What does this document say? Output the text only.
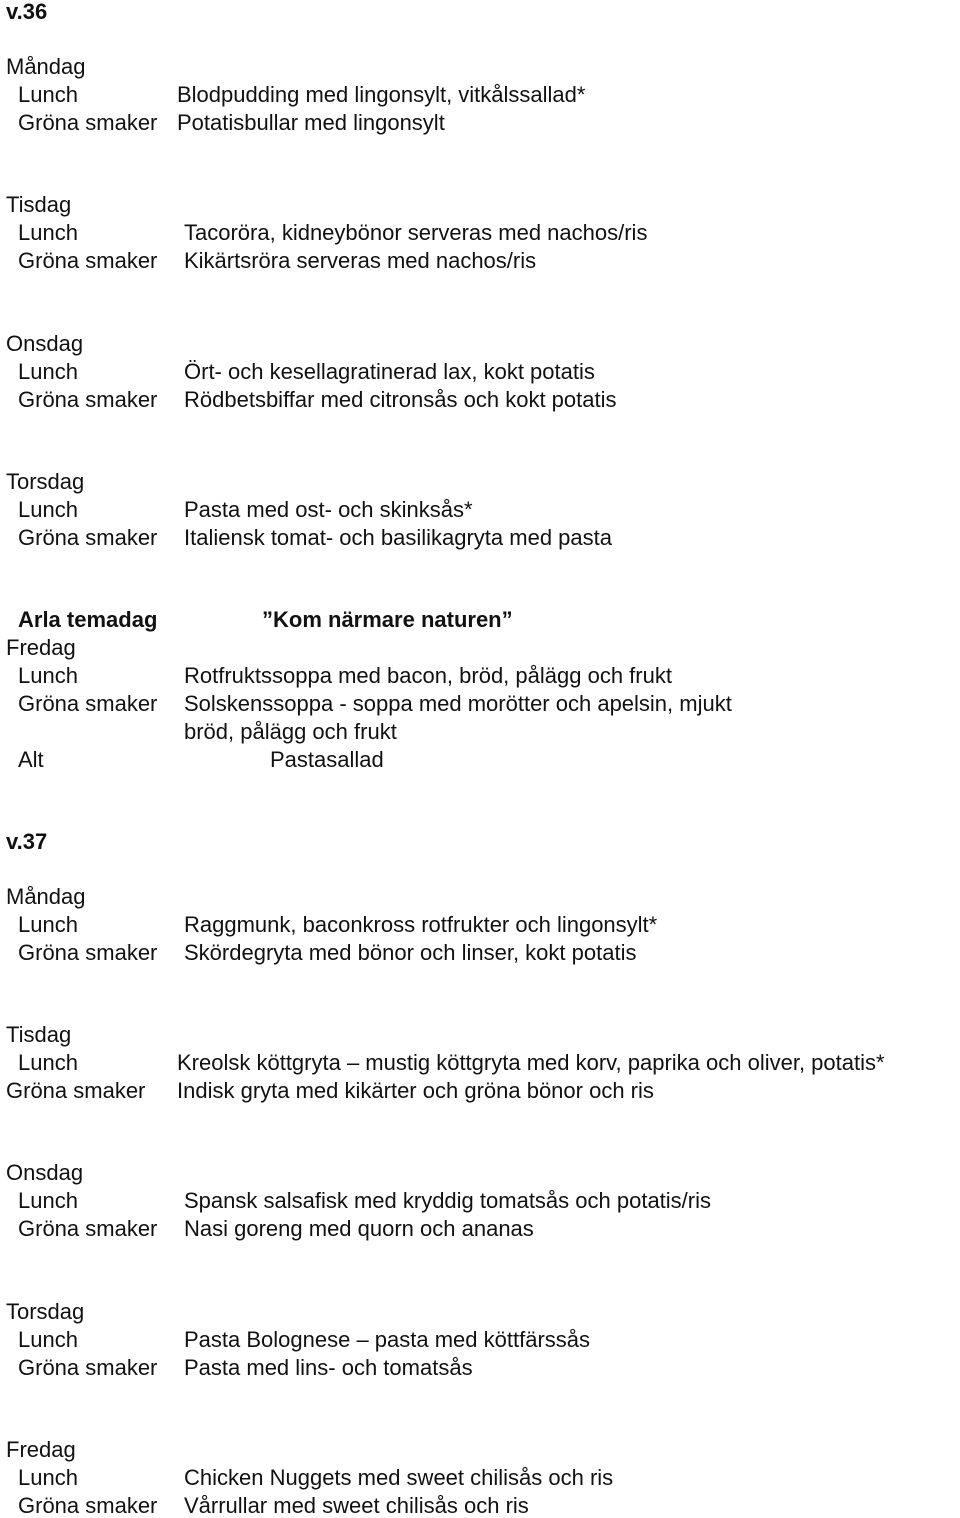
v.36
Måndag
Lunch	Blodpudding med lingonsylt, vitkålssallad*
Gröna smaker Potatisbullar med lingonsylt
Tisdag
Lunch	Tacoröra, kidneybönor serveras med nachos/ris
Gröna smaker Kikärtsröra serveras med nachos/ris
Onsdag
Lunch	Ört- och kesellagratinerad lax, kokt potatis
Gröna smaker Rödbetsbiffar med citronsås och kokt potatis
Torsdag
Lunch	Pasta med ost- och skinksås*
Gröna smaker Italiensk tomat- och basilikagryta med pasta
Arla temadag	”Kom närmare naturen”
Fredag
Lunch	Rotfruktssoppa med bacon, bröd, pålägg och frukt
Gröna smaker Solskenssoppa - soppa med morötter och apelsin, mjukt
bröd, pålägg och frukt
Alt	Pastasallad
v.37
Måndag
Lunch	Raggmunk, baconkross rotfrukter och lingonsylt*
Gröna smaker Skördegryta med bönor och linser, kokt potatis
Tisdag
Lunch	Kreolsk köttgryta – mustig köttgryta med korv, paprika och oliver, potatis*
Gröna smaker Indisk gryta med kikärter och gröna bönor och ris
Onsdag
Lunch	Spansk salsafisk med kryddig tomatsås och potatis/ris
Gröna smaker Nasi goreng med quorn och ananas
Torsdag
Lunch	Pasta Bolognese – pasta med köttfärssås
Gröna smaker Pasta med lins- och tomatsås
Fredag
Lunch	Chicken Nuggets med sweet chilisås och ris
Gröna smaker Vårrullar med sweet chilisås och ris
